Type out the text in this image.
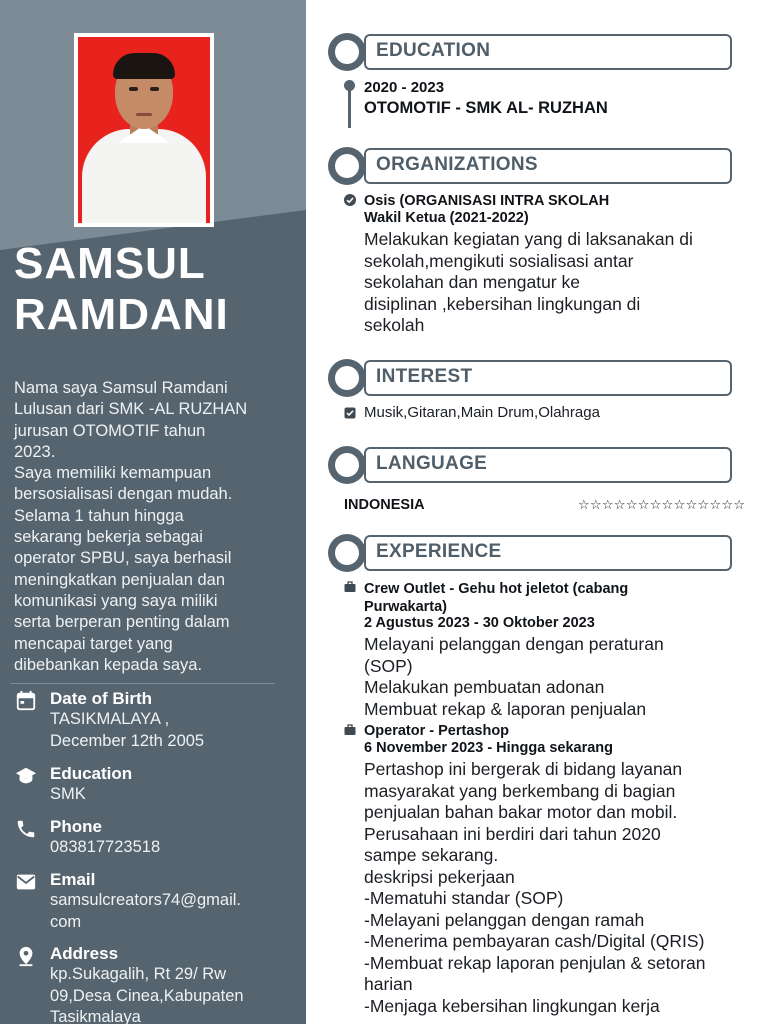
SAMSUL
RAMDANI
Nama saya Samsul Ramdani
Lulusan dari SMK -AL RUZHAN
jurusan OTOMOTIF tahun
2023.
Saya memiliki kemampuan
bersosialisasi dengan mudah.
Selama 1 tahun hingga
sekarang bekerja sebagai
operator SPBU, saya berhasil
meningkatkan penjualan dan
komunikasi yang saya miliki
serta berperan penting dalam
mencapai target yang
dibebankan kepada saya.
Date of Birth
TASIKMALAYA ,
December 12th 2005
Education
SMK
Phone
083817723518
Email
samsulcreators74@gmail.
com
Address
kp.Sukagalih, Rt 29/ Rw
09,Desa Cinea,Kabupaten
Tasikmalaya
EDUCATION
2020 - 2023
OTOMOTIF - SMK AL- RUZHAN
ORGANIZATIONS
Osis (ORGANISASI INTRA SKOLAH
Wakil Ketua (2021-2022)
Melakukan kegiatan yang di laksanakan di
sekolah,mengikuti sosialisasi antar
sekolahan dan mengatur ke
disiplinan ,kebersihan lingkungan di
sekolah
INTEREST
Musik,Gitaran,Main Drum,Olahraga
LANGUAGE
INDONESIA	☆☆☆☆☆☆☆☆☆☆☆☆☆☆
EXPERIENCE
Crew Outlet - Gehu hot jeletot (cabang
Purwakarta)
2 Agustus 2023 - 30 Oktober 2023
Melayani pelanggan dengan peraturan
(SOP)
Melakukan pembuatan adonan
Membuat rekap & laporan penjualan
Operator - Pertashop
6 November 2023 - Hingga sekarang
Pertashop ini bergerak di bidang layanan
masyarakat yang berkembang di bagian
penjualan bahan bakar motor dan mobil.
Perusahaan ini berdiri dari tahun 2020
sampe sekarang.
deskripsi pekerjaan
-Mematuhi standar (SOP)
-Melayani pelanggan dengan ramah
-Menerima pembayaran cash/Digital (QRIS)
-Membuat rekap laporan penjulan & setoran
harian
-Menjaga kebersihan lingkungan kerja
